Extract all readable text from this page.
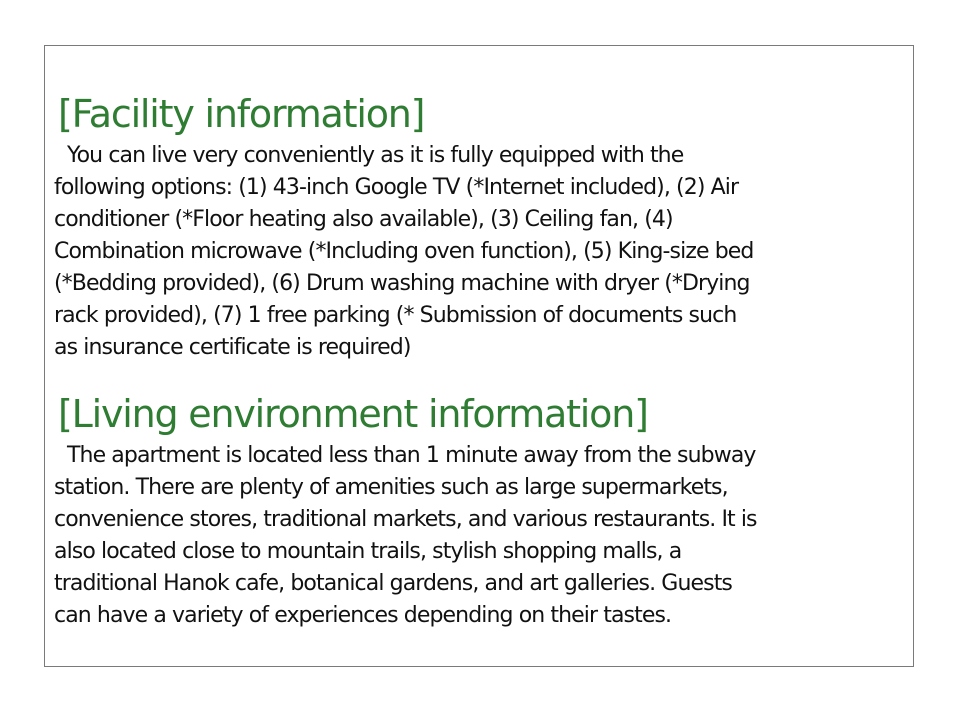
[Facility information]
You can live very conveniently as it is fully equipped with the
following options: (1) 43-inch Google TV (*Internet included), (2) Air
conditioner (*Floor heating also available), (3) Ceiling fan, (4)
Combination microwave (*Including oven function), (5) King-size bed
(*Bedding provided), (6) Drum washing machine with dryer (*Drying
rack provided), (7) 1 free parking (* Submission of documents such
as insurance certificate is required)
[Living environment information]
The apartment is located less than 1 minute away from the subway
station. There are plenty of amenities such as large supermarkets,
convenience stores, traditional markets, and various restaurants. It is
also located close to mountain trails, stylish shopping malls, a
traditional Hanok cafe, botanical gardens, and art galleries. Guests
can have a variety of experiences depending on their tastes.
